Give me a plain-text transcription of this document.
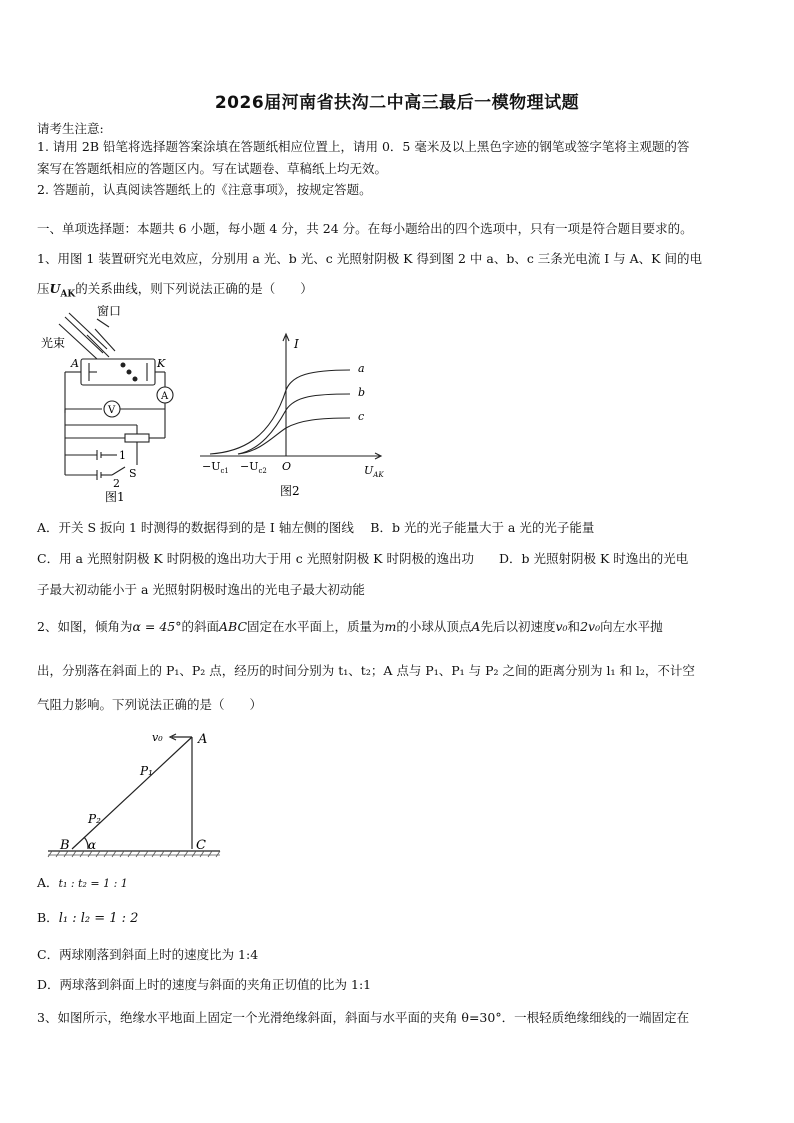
2026届河南省扶沟二中高三最后一模物理试题
请考生注意:
1. 请用 2B 铅笔将选择题答案涂填在答题纸相应位置上，请用 0．5 毫米及以上黑色字迹的钢笔或签字笔将主观题的答
案写在答题纸相应的答题区内。写在试题卷、草稿纸上均无效。
2. 答题前，认真阅读答题纸上的《注意事项》，按规定答题。
一、单项选择题：本题共 6 小题，每小题 4 分，共 24 分。在每小题给出的四个选项中，只有一项是符合题目要求的。
1、用图 1 装置研究光电效应，分别用 a 光、b 光、c 光照射阴极 K 得到图 2 中 a、b、c 三条光电流 I 与 A、K 间的电
压$U_{AK}$的关系曲线，则下列说法正确的是（　　）
窗口
光束
A	K
V
A
1
2
S
图1
I
a
b
c
$-U_{c1} -U_{c2}$ O	$U_{AK}$
图2
A．开关 S 扳向 1 时测得的数据得到的是 I 轴左侧的图线　 B．b 光的光子能量大于 a 光的光子能量
C．用 a 光照射阴极 K 时阴极的逸出功大于用 c 光照射阴极 K 时阴极的逸出功　　D．b 光照射阴极 K 时逸出的光电
子最大初动能小于 a 光照射阴极时逸出的光电子最大初动能
2、如图，倾角为α = 45°的斜面ABC固定在水平面上，质量为m的小球从顶点A先后以初速度v₀和2v₀向左水平抛
出，分别落在斜面上的 P₁、P₂ 点，经历的时间分别为 t₁、t₂；A 点与 P₁、P₁ 与 P₂ 之间的距离分别为 l₁ 和 l₂，不计空
气阻力影响。下列说法正确的是（　　）
v₀	A
P₁
P₂
B α	C
A．t₁ : t₂ = 1 : 1
B．l₁ : l₂ = 1 : 2
C．两球刚落到斜面上时的速度比为 1:4
D．两球落到斜面上时的速度与斜面的夹角正切值的比为 1:1
3、如图所示，绝缘水平地面上固定一个光滑绝缘斜面，斜面与水平面的夹角 θ=30°．一根轻质绝缘细线的一端固定在
